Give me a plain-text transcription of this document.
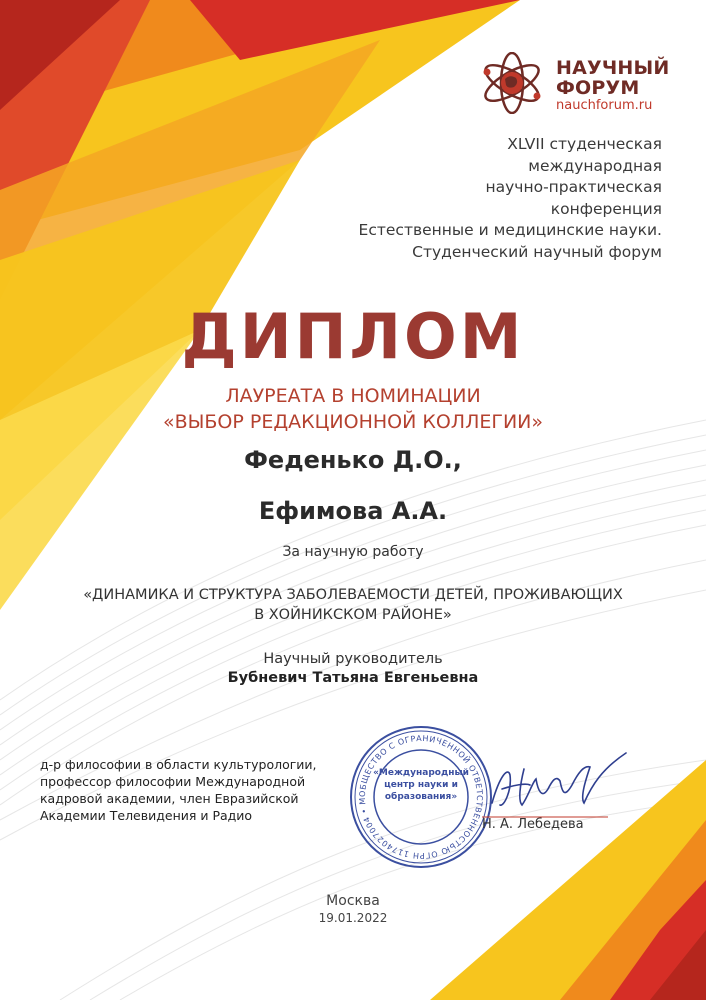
НАУЧНЫЙ
ФОРУМ
nauchforum.ru
XLVII студенческая
международная
научно-практическая
конференция
Естественные и медицинские науки.
Студенческий научный форум
ДИПЛОМ
ЛАУРЕАТА В НОМИНАЦИИ
«ВЫБОР РЕДАКЦИОННОЙ КОЛЛЕГИИ»
Феденько Д.О.,
Ефимова А.А.
За научную работу
«ДИНАМИКА И СТРУКТУРА ЗАБОЛЕВАЕМОСТИ ДЕТЕЙ, ПРОЖИВАЮЩИХ
В ХОЙНИКСКОМ РАЙОНЕ»
Научный руководитель
Бубневич Татьяна Евгеньевна
д-р философии в области культурологии,
профессор философии Международной
кадровой академии, член Евразийской
Академии Телевидения и Радио
ОБЩЕСТВО С ОГРАНИЧЕННОЙ ОТВЕТСТВЕННОСТЬЮ ОГРН 1174027004 • М
«Международный центр науки и образования»
Н. А. Лебедева
Москва
19.01.2022
